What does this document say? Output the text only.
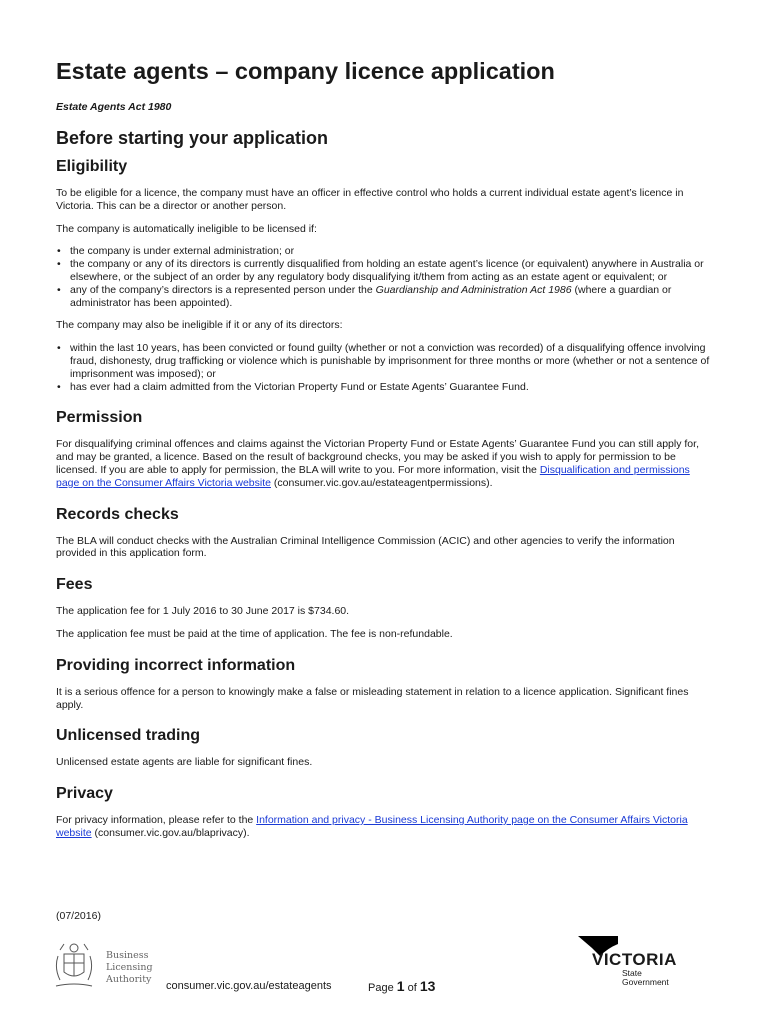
Estate agents – company licence application
Estate Agents Act 1980
Before starting your application
Eligibility

To be eligible for a licence, the company must have an officer in effective control who holds a current individual estate agent’s licence in Victoria. This can be a director or another person.

The company is automatically ineligible to be licensed if:

• the company is under external administration; or
• the company or any of its directors is currently disqualified from holding an estate agent’s licence (or equivalent) anywhere in Australia or elsewhere, or the subject of an order by any regulatory body disqualifying it/them from acting as an estate agent or equivalent; or
• any of the company’s directors is a represented person under the Guardianship and Administration Act 1986 (where a guardian or administrator has been appointed).

The company may also be ineligible if it or any of its directors:

• within the last 10 years, has been convicted or found guilty (whether or not a conviction was recorded) of a disqualifying offence involving fraud, dishonesty, drug trafficking or violence which is punishable by imprisonment for three months or more (whether or not a sentence of imprisonment was imposed); or
• has ever had a claim admitted from the Victorian Property Fund or Estate Agents’ Guarantee Fund.
Permission

For disqualifying criminal offences and claims against the Victorian Property Fund or Estate Agents’ Guarantee Fund you can still apply for, and may be granted, a licence. Based on the result of background checks, you may be asked if you wish to apply for permission to be licensed. If you are able to apply for permission, the BLA will write to you. For more information, visit the Disqualification and permissions page on the Consumer Affairs Victoria website (consumer.vic.gov.au/estateagentpermissions).

Records checks

The BLA will conduct checks with the Australian Criminal Intelligence Commission (ACIC) and other agencies to verify the information provided in this application form.

Fees

The application fee for 1 July 2016 to 30 June 2017 is $734.60.

The application fee must be paid at the time of application. The fee is non-refundable.

Providing incorrect information

It is a serious offence for a person to knowingly make a false or misleading statement in relation to a licence application. Significant fines apply.

Unlicensed trading

Unlicensed estate agents are liable for significant fines.

Privacy

For privacy information, please refer to the Information and privacy - Business Licensing Authority page on the Consumer Affairs Victoria website (consumer.vic.gov.au/blaprivacy).

(07/2016)
Business
Licensing
Authority
consumer.vic.gov.au/estateagents	Page 1 of 13
VICTORIA
State
Government
